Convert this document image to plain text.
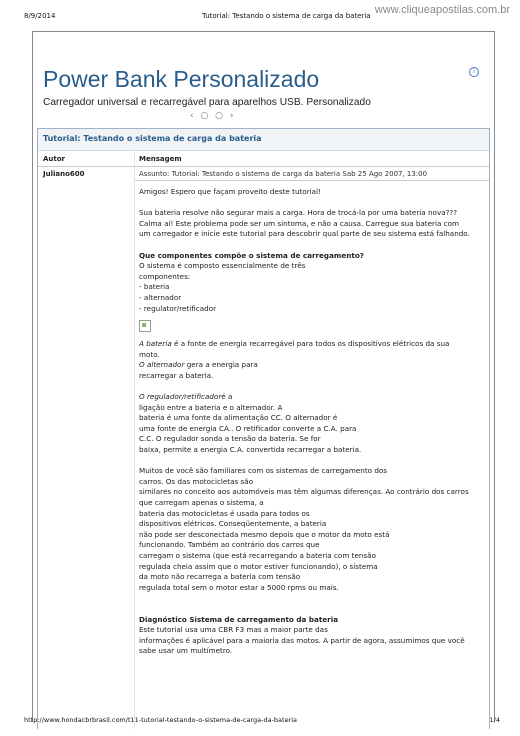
8/9/2014	Tutorial: Testando o sistema de carga da bateria www.cliqueapostilas.com.br
Power Bank Personalizado
Carregador universal e recarregável para aparelhos USB. Personalizado
i
‹ ○ ○ ›
Tutorial: Testando o sistema de carga da bateria
Autor	Mensagem
Juliano600	Assunto: Tutorial: Testando o sistema de carga da bateria Sab 25 Ago 2007, 13:00

Amigos! Espero que façam proveito deste tutorial!

Sua bateria resolve não segurar mais a carga. Hora de trocá-la por uma bateria nova???

Calma aí! Este problema pode ser um sintoma, e não a causa. Carregue sua bateria com

um carregador e inicie este tutorial para descobrir qual parte de seu sistema está falhando.

Que componentes compõe o sistema de carregamento?

O sistema é composto essencialmente de três

componentes:

- bateria

- alternador

- regulator/retificador

A bateria é a fonte de energia recarregável para todos os dispositivos elétricos da sua

moto.

O alternador gera a energia para

recarregar a bateria.

O regulador/retificadoré a

ligação entre a bateria e o alternador. A

bateria é uma fonte da alimentação CC. O alternador é

uma fonte de energia CA.. O retificador converte a C.A. para

C.C. O regulador sonda a tensão da bateria. Se for

baixa, permite a energia C.A. convertida recarregar a bateria.

Muitos de você são familiares com os sistemas de carregamento dos

carros. Os das motocicletas são

similares no conceito aos automóveis mas têm algumas diferenças. Ao contrário dos carros

que carregam apenas o sistema, a

bateria das motocicletas é usada para todos os

dispositivos elétricos. Conseqüentemente, a bateria

não pode ser desconectada mesmo depois que o motor da moto está

funcionando. Também ao contrário dos carros que

carregam o sistema (que está recarregando a bateria com tensão

regulada cheia assim que o motor estiver funcionando), o sistema

da moto não recarrega a bateria com tensão

regulada total sem o motor estar a 5000 rpms ou mais.

Diagnóstico Sistema de carregamento da bateria

Este tutorial usa uma CBR F3 mas a maior parte das

informações é aplicável para a maioria das motos. A partir de agora, assumimos que você

sabe usar um multímetro.

http://www.hondacbrbrasil.com/t11-tutorial-testando-o-sistema-de-carga-da-bateria	1/4
